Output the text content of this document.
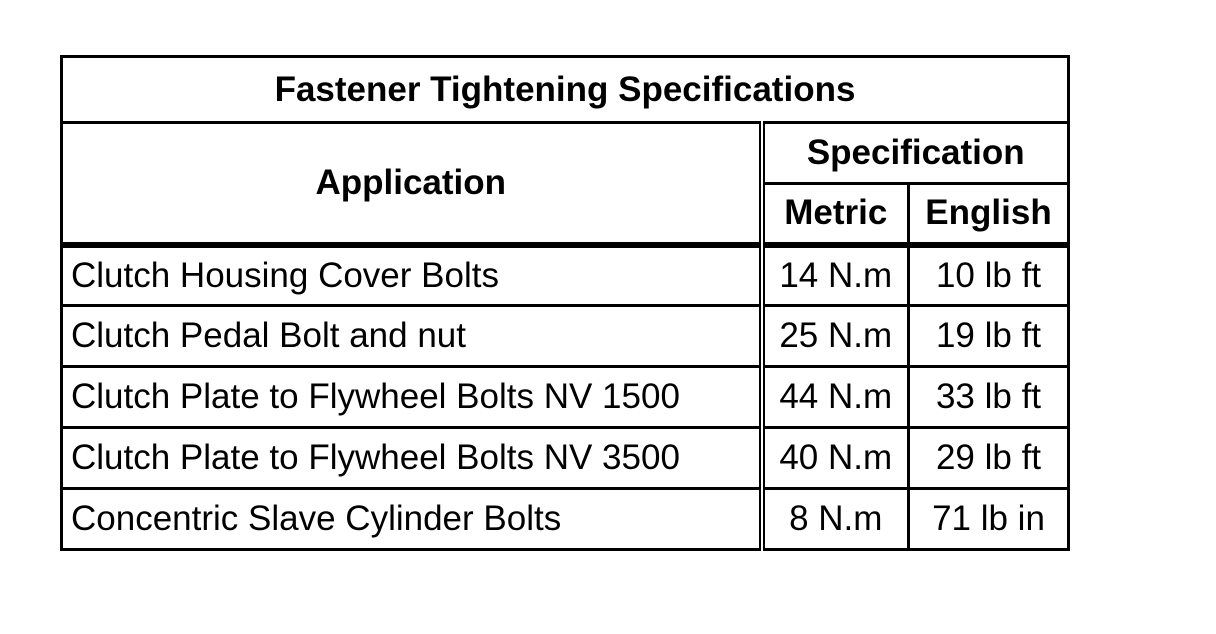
Fastener Tightening Specifications		
Application	Specification	
	Metric	English
Clutch Housing Cover Bolts	14 N.m	10 lb ft
Clutch Pedal Bolt and nut	25 N.m	19 lb ft
Clutch Plate to Flywheel Bolts NV 1500	44 N.m	33 lb ft
Clutch Plate to Flywheel Bolts NV 3500	40 N.m	29 lb ft
Concentric Slave Cylinder Bolts	8 N.m	71 lb in
